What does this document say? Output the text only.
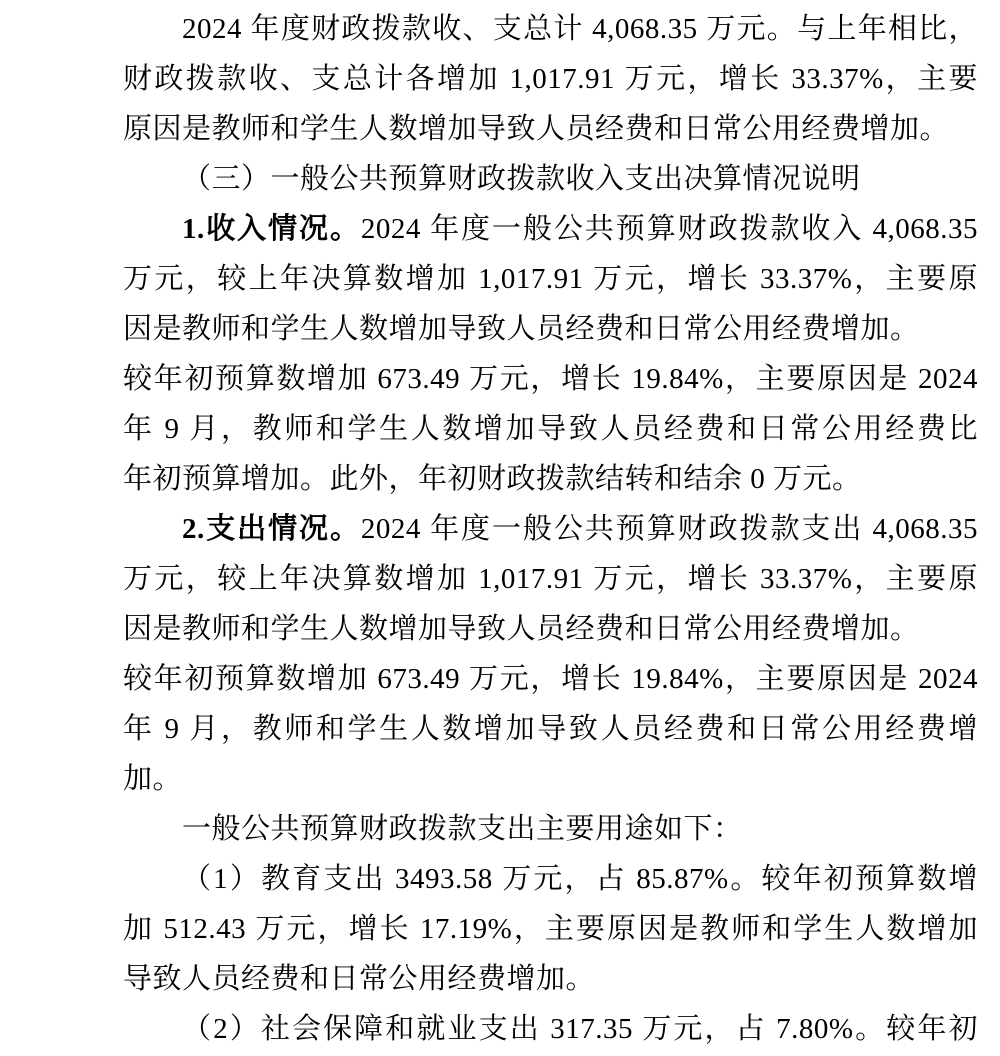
2024 年度财政拨款收、支总计 4,068.35 万元。与上年相比，
财政拨款收、支总计各增加 1,017.91 万元，增长 33.37%，主要
原因是教师和学生人数增加导致人员经费和日常公用经费增加。
（三）一般公共预算财政拨款收入支出决算情况说明
1.收入情况。2024 年度一般公共预算财政拨款收入 4,068.35
万元，较上年决算数增加 1,017.91 万元，增长 33.37%，主要原
因是教师和学生人数增加导致人员经费和日常公用经费增加。
较年初预算数增加 673.49 万元，增长 19.84%，主要原因是 2024
年 9 月，教师和学生人数增加导致人员经费和日常公用经费比
年初预算增加。此外，年初财政拨款结转和结余 0 万元。
2.支出情况。2024 年度一般公共预算财政拨款支出 4,068.35
万元，较上年决算数增加 1,017.91 万元，增长 33.37%，主要原
因是教师和学生人数增加导致人员经费和日常公用经费增加。
较年初预算数增加 673.49 万元，增长 19.84%，主要原因是 2024
年 9 月，教师和学生人数增加导致人员经费和日常公用经费增
加。
一般公共预算财政拨款支出主要用途如下：
（1）教育支出 3493.58 万元，占 85.87%。较年初预算数增
加 512.43 万元，增长 17.19%，主要原因是教师和学生人数增加
导致人员经费和日常公用经费增加。
（2）社会保障和就业支出 317.35 万元，占 7.80%。较年初
